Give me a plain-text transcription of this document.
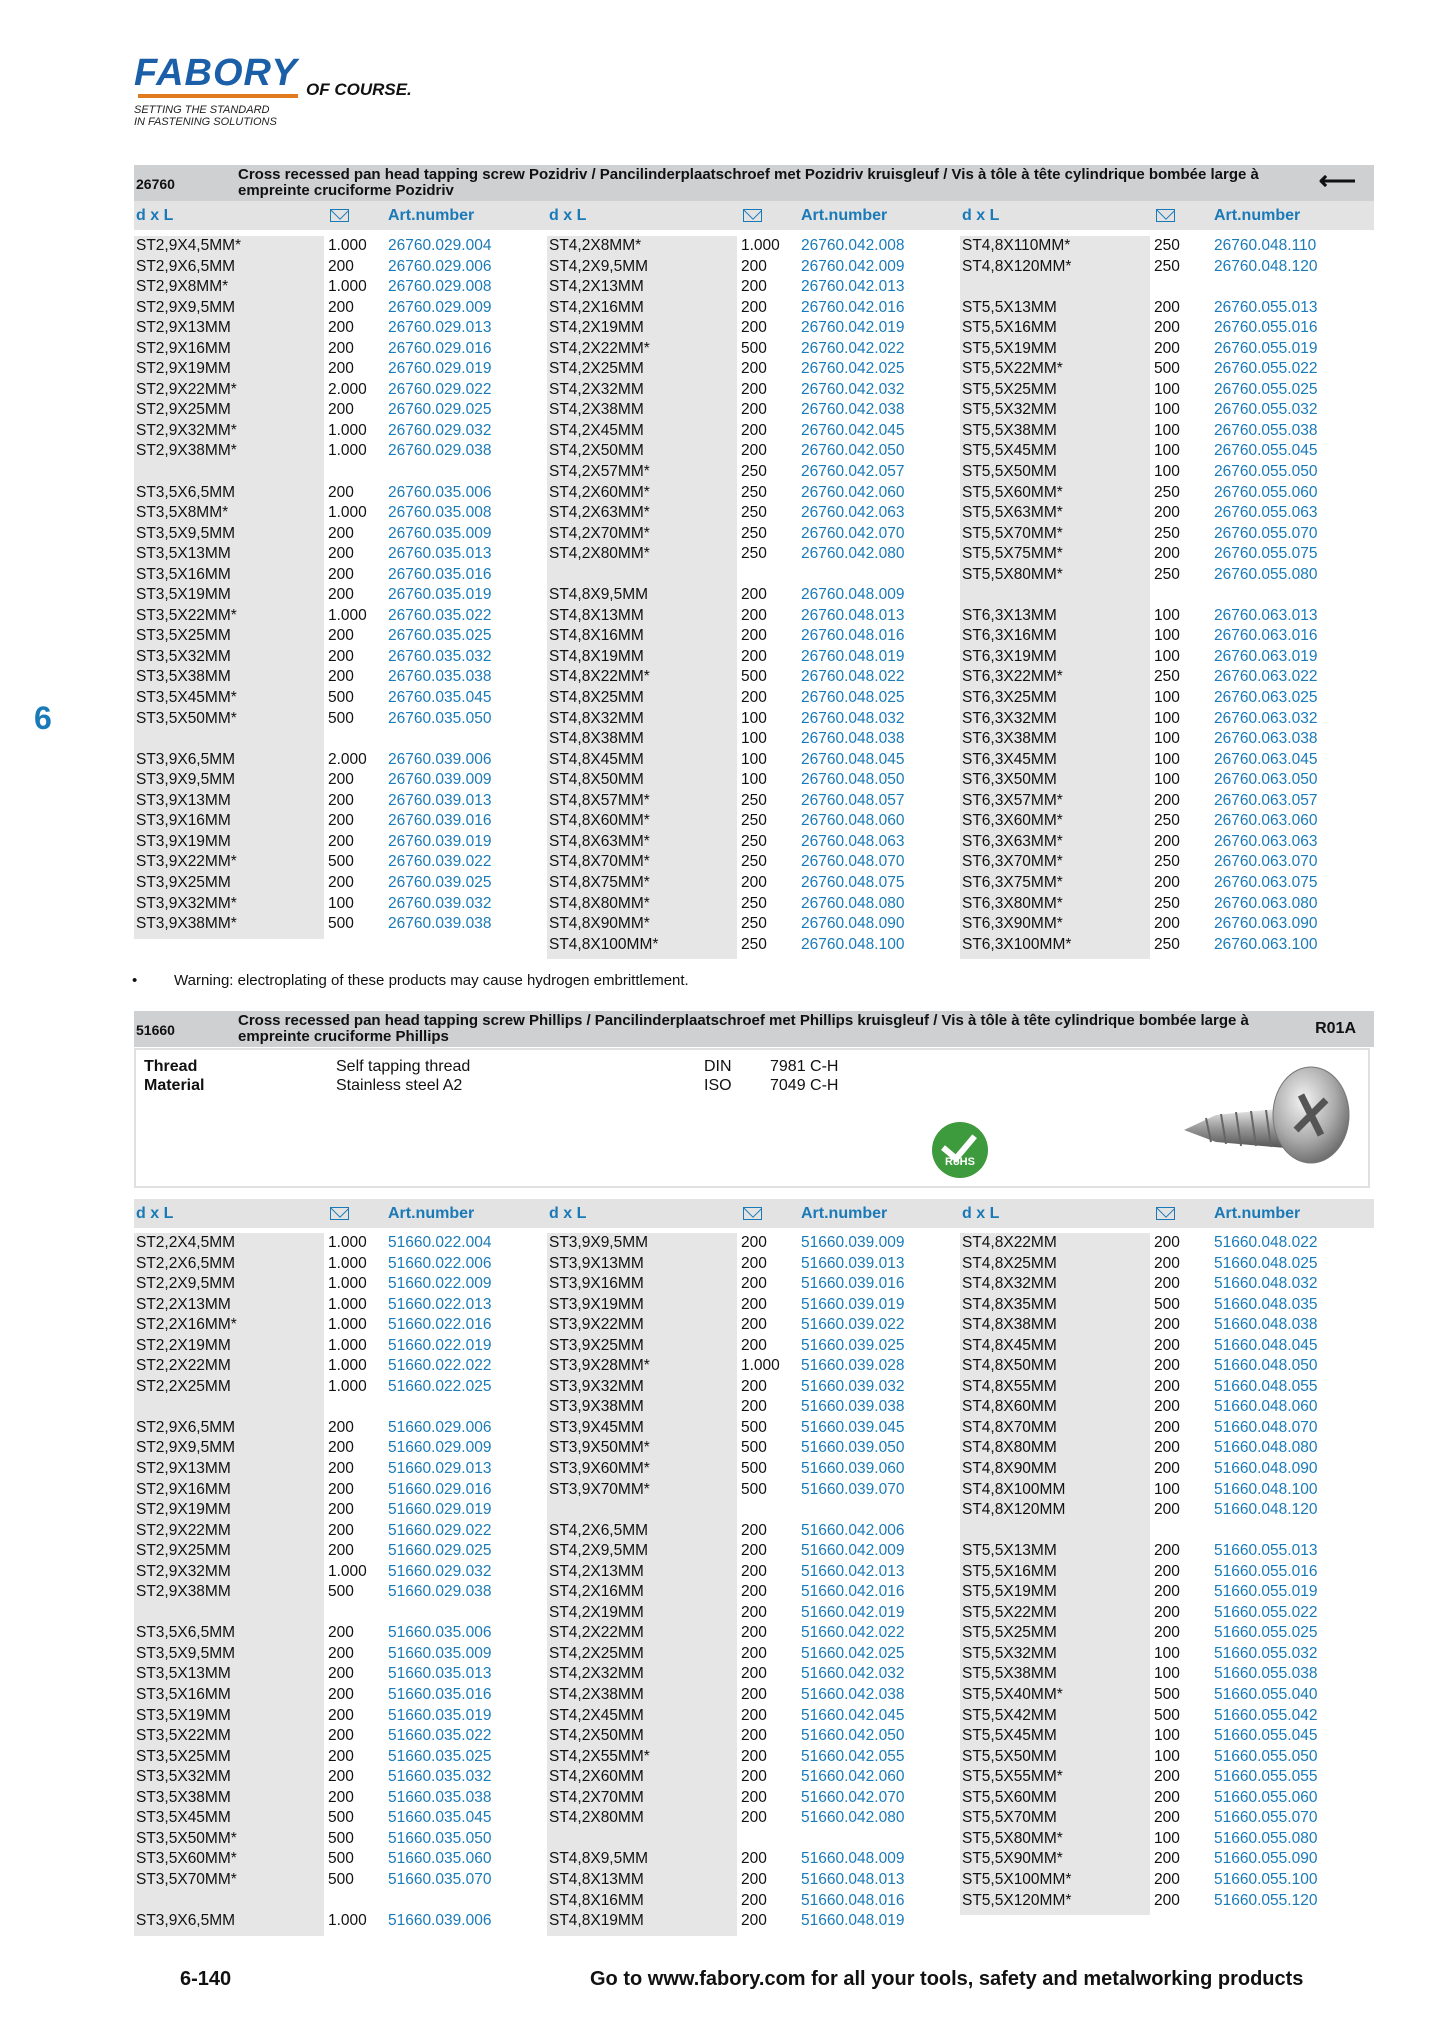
FABORY OF COURSE.
SETTING THE STANDARD
IN FASTENING SOLUTIONS
6
26760
Cross recessed pan head tapping screw Pozidriv / Pancilinderplaatschroef met Pozidriv kruisgleuf / Vis à tôle à tête cylindrique bombée large à empreinte cruciforme Pozidriv	⟵
d x L	Art.number	d x L	Art.number	d x L	Art.number
ST2,9X4,5MM*	1.000 26760.029.004
ST2,9X6,5MM	200 26760.029.006
ST2,9X8MM*	1.000 26760.029.008
ST2,9X9,5MM	200 26760.029.009
ST2,9X13MM	200 26760.029.013
ST2,9X16MM	200 26760.029.016
ST2,9X19MM	200 26760.029.019
ST2,9X22MM*	2.000 26760.029.022
ST2,9X25MM	200 26760.029.025
ST2,9X32MM*	1.000 26760.029.032
ST2,9X38MM*	1.000 26760.029.038
ST3,5X6,5MM	200 26760.035.006
ST3,5X8MM*	1.000 26760.035.008
ST3,5X9,5MM	200 26760.035.009
ST3,5X13MM	200 26760.035.013
ST3,5X16MM	200 26760.035.016
ST3,5X19MM	200 26760.035.019
ST3,5X22MM*	1.000 26760.035.022
ST3,5X25MM	200 26760.035.025
ST3,5X32MM	200 26760.035.032
ST3,5X38MM	200 26760.035.038
ST3,5X45MM*	500 26760.035.045
ST3,5X50MM*	500 26760.035.050
ST3,9X6,5MM	2.000 26760.039.006
ST3,9X9,5MM	200 26760.039.009
ST3,9X13MM	200 26760.039.013
ST3,9X16MM	200 26760.039.016
ST3,9X19MM	200 26760.039.019
ST3,9X22MM*	500 26760.039.022
ST3,9X25MM	200 26760.039.025
ST3,9X32MM*	100 26760.039.032
ST3,9X38MM*	500 26760.039.038
ST4,2X8MM*	1.000 26760.042.008
ST4,2X9,5MM	200 26760.042.009
ST4,2X13MM	200 26760.042.013
ST4,2X16MM	200 26760.042.016
ST4,2X19MM	200 26760.042.019
ST4,2X22MM*	500 26760.042.022
ST4,2X25MM	200 26760.042.025
ST4,2X32MM	200 26760.042.032
ST4,2X38MM	200 26760.042.038
ST4,2X45MM	200 26760.042.045
ST4,2X50MM	200 26760.042.050
ST4,2X57MM*	250 26760.042.057
ST4,2X60MM*	250 26760.042.060
ST4,2X63MM*	250 26760.042.063
ST4,2X70MM*	250 26760.042.070
ST4,2X80MM*	250 26760.042.080
ST4,8X9,5MM	200 26760.048.009
ST4,8X13MM	200 26760.048.013
ST4,8X16MM	200 26760.048.016
ST4,8X19MM	200 26760.048.019
ST4,8X22MM*	500 26760.048.022
ST4,8X25MM	200 26760.048.025
ST4,8X32MM	100 26760.048.032
ST4,8X38MM	100 26760.048.038
ST4,8X45MM	100 26760.048.045
ST4,8X50MM	100 26760.048.050
ST4,8X57MM*	250 26760.048.057
ST4,8X60MM*	250 26760.048.060
ST4,8X63MM*	250 26760.048.063
ST4,8X70MM*	250 26760.048.070
ST4,8X75MM*	200 26760.048.075
ST4,8X80MM*	250 26760.048.080
ST4,8X90MM*	250 26760.048.090
ST4,8X100MM*	250 26760.048.100
ST4,8X110MM*	250 26760.048.110
ST4,8X120MM*	250 26760.048.120
ST5,5X13MM	200 26760.055.013
ST5,5X16MM	200 26760.055.016
ST5,5X19MM	200 26760.055.019
ST5,5X22MM*	500 26760.055.022
ST5,5X25MM	100 26760.055.025
ST5,5X32MM	100 26760.055.032
ST5,5X38MM	100 26760.055.038
ST5,5X45MM	100 26760.055.045
ST5,5X50MM	100 26760.055.050
ST5,5X60MM*	250 26760.055.060
ST5,5X63MM*	200 26760.055.063
ST5,5X70MM*	250 26760.055.070
ST5,5X75MM*	200 26760.055.075
ST5,5X80MM*	250 26760.055.080
ST6,3X13MM	100 26760.063.013
ST6,3X16MM	100 26760.063.016
ST6,3X19MM	100 26760.063.019
ST6,3X22MM*	250 26760.063.022
ST6,3X25MM	100 26760.063.025
ST6,3X32MM	100 26760.063.032
ST6,3X38MM	100 26760.063.038
ST6,3X45MM	100 26760.063.045
ST6,3X50MM	100 26760.063.050
ST6,3X57MM*	200 26760.063.057
ST6,3X60MM*	250 26760.063.060
ST6,3X63MM*	200 26760.063.063
ST6,3X70MM*	250 26760.063.070
ST6,3X75MM*	200 26760.063.075
ST6,3X80MM*	250 26760.063.080
ST6,3X90MM*	200 26760.063.090
ST6,3X100MM*	250 26760.063.100
• Warning: electroplating of these products may cause hydrogen embrittlement.
51660
Cross recessed pan head tapping screw Phillips / Pancilinderplaatschroef met Phillips kruisgleuf / Vis à tôle à tête cylindrique bombée large à empreinte cruciforme Phillips	R01A
Thread	Self tapping thread
Material	Stainless steel A2
DIN 7981 C-H
ISO 7049 C-H
RoHS
d x L	Art.number	d x L	Art.number	d x L	Art.number
ST2,2X4,5MM	1.000 51660.022.004
ST2,2X6,5MM	1.000 51660.022.006
ST2,2X9,5MM	1.000 51660.022.009
ST2,2X13MM	1.000 51660.022.013
ST2,2X16MM*	1.000 51660.022.016
ST2,2X19MM	1.000 51660.022.019
ST2,2X22MM	1.000 51660.022.022
ST2,2X25MM	1.000 51660.022.025
ST2,9X6,5MM	200 51660.029.006
ST2,9X9,5MM	200 51660.029.009
ST2,9X13MM	200 51660.029.013
ST2,9X16MM	200 51660.029.016
ST2,9X19MM	200 51660.029.019
ST2,9X22MM	200 51660.029.022
ST2,9X25MM	200 51660.029.025
ST2,9X32MM	1.000 51660.029.032
ST2,9X38MM	500 51660.029.038
ST3,5X6,5MM	200 51660.035.006
ST3,5X9,5MM	200 51660.035.009
ST3,5X13MM	200 51660.035.013
ST3,5X16MM	200 51660.035.016
ST3,5X19MM	200 51660.035.019
ST3,5X22MM	200 51660.035.022
ST3,5X25MM	200 51660.035.025
ST3,5X32MM	200 51660.035.032
ST3,5X38MM	200 51660.035.038
ST3,5X45MM	500 51660.035.045
ST3,5X50MM*	500 51660.035.050
ST3,5X60MM*	500 51660.035.060
ST3,5X70MM*	500 51660.035.070
ST3,9X6,5MM	1.000 51660.039.006
ST3,9X9,5MM	200 51660.039.009
ST3,9X13MM	200 51660.039.013
ST3,9X16MM	200 51660.039.016
ST3,9X19MM	200 51660.039.019
ST3,9X22MM	200 51660.039.022
ST3,9X25MM	200 51660.039.025
ST3,9X28MM*	1.000 51660.039.028
ST3,9X32MM	200 51660.039.032
ST3,9X38MM	200 51660.039.038
ST3,9X45MM	500 51660.039.045
ST3,9X50MM*	500 51660.039.050
ST3,9X60MM*	500 51660.039.060
ST3,9X70MM*	500 51660.039.070
ST4,2X6,5MM	200 51660.042.006
ST4,2X9,5MM	200 51660.042.009
ST4,2X13MM	200 51660.042.013
ST4,2X16MM	200 51660.042.016
ST4,2X19MM	200 51660.042.019
ST4,2X22MM	200 51660.042.022
ST4,2X25MM	200 51660.042.025
ST4,2X32MM	200 51660.042.032
ST4,2X38MM	200 51660.042.038
ST4,2X45MM	200 51660.042.045
ST4,2X50MM	200 51660.042.050
ST4,2X55MM*	200 51660.042.055
ST4,2X60MM	200 51660.042.060
ST4,2X70MM	200 51660.042.070
ST4,2X80MM	200 51660.042.080
ST4,8X9,5MM	200 51660.048.009
ST4,8X13MM	200 51660.048.013
ST4,8X16MM	200 51660.048.016
ST4,8X19MM	200 51660.048.019
ST4,8X22MM	200 51660.048.022
ST4,8X25MM	200 51660.048.025
ST4,8X32MM	200 51660.048.032
ST4,8X35MM	500 51660.048.035
ST4,8X38MM	200 51660.048.038
ST4,8X45MM	200 51660.048.045
ST4,8X50MM	200 51660.048.050
ST4,8X55MM	200 51660.048.055
ST4,8X60MM	200 51660.048.060
ST4,8X70MM	200 51660.048.070
ST4,8X80MM	200 51660.048.080
ST4,8X90MM	200 51660.048.090
ST4,8X100MM	100 51660.048.100
ST4,8X120MM	200 51660.048.120
ST5,5X13MM	200 51660.055.013
ST5,5X16MM	200 51660.055.016
ST5,5X19MM	200 51660.055.019
ST5,5X22MM	200 51660.055.022
ST5,5X25MM	200 51660.055.025
ST5,5X32MM	100 51660.055.032
ST5,5X38MM	100 51660.055.038
ST5,5X40MM*	500 51660.055.040
ST5,5X42MM	500 51660.055.042
ST5,5X45MM	100 51660.055.045
ST5,5X50MM	100 51660.055.050
ST5,5X55MM*	200 51660.055.055
ST5,5X60MM	200 51660.055.060
ST5,5X70MM	200 51660.055.070
ST5,5X80MM*	100 51660.055.080
ST5,5X90MM*	200 51660.055.090
ST5,5X100MM*	200 51660.055.100
ST5,5X120MM*	200 51660.055.120
6-140	Go to www.fabory.com for all your tools, safety and metalworking products
